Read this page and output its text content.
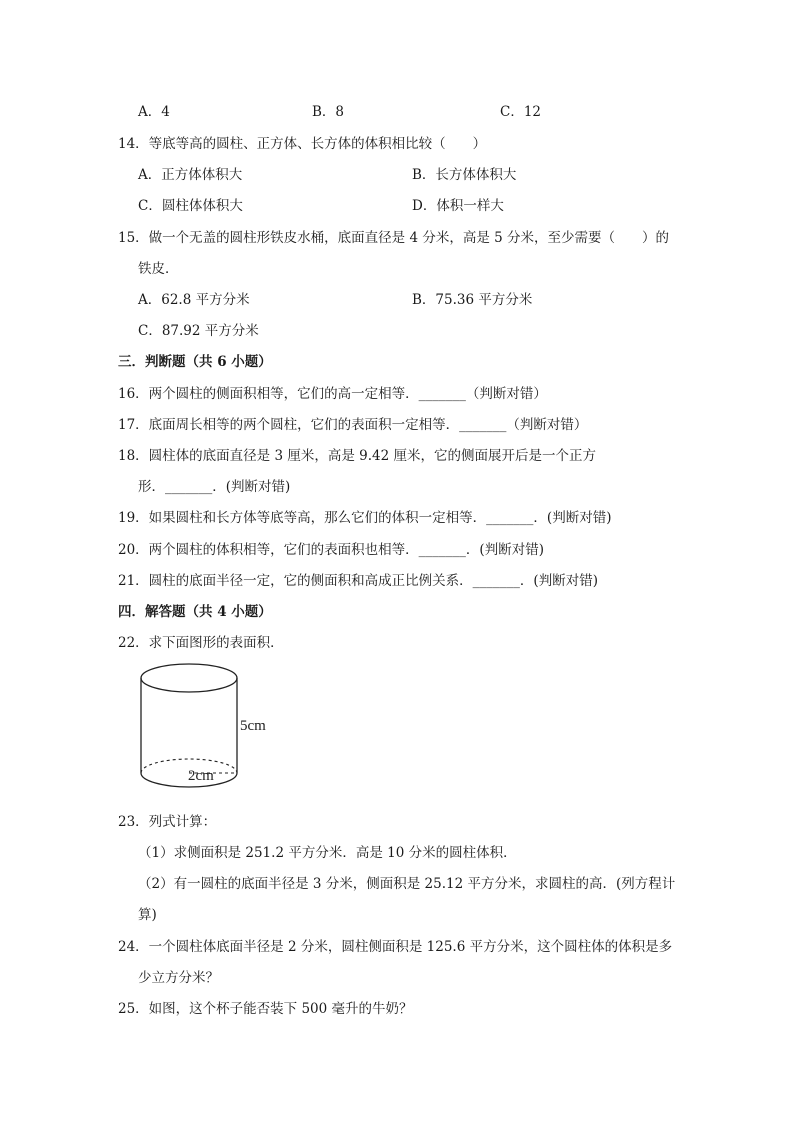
A．4	B．8	C．12
14．等底等高的圆柱、正方体、长方体的体积相比较（　　）
A．正方体体积大	B．长方体体积大
C．圆柱体体积大	D．体积一样大
15．做一个无盖的圆柱形铁皮水桶，底面直径是 4 分米，高是 5 分米，至少需要（　　）的
铁皮．
A．62.8 平方分米	B．75.36 平方分米
C．87.92 平方分米
三．判断题（共 6 小题）
16．两个圆柱的侧面积相等，它们的高一定相等．_______（判断对错）
17．底面周长相等的两个圆柱，它们的表面积一定相等．_______（判断对错）
18．圆柱体的底面直径是 3 厘米，高是 9.42 厘米，它的侧面展开后是一个正方
形．_______．(判断对错)
19．如果圆柱和长方体等底等高，那么它们的体积一定相等．_______．(判断对错)
20．两个圆柱的体积相等，它们的表面积也相等．_______．(判断对错)
21．圆柱的底面半径一定，它的侧面积和高成正比例关系．_______．(判断对错)
四．解答题（共 4 小题）
22．求下面图形的表面积．
5cm
2cm
23．列式计算：
（1）求侧面积是 251.2 平方分米．高是 10 分米的圆柱体积．
（2）有一圆柱的底面半径是 3 分米，侧面积是 25.12 平方分米，求圆柱的高．(列方程计
算)
24．一个圆柱体底面半径是 2 分米，圆柱侧面积是 125.6 平方分米，这个圆柱体的体积是多
少立方分米？
25．如图，这个杯子能否装下 500 毫升的牛奶？
